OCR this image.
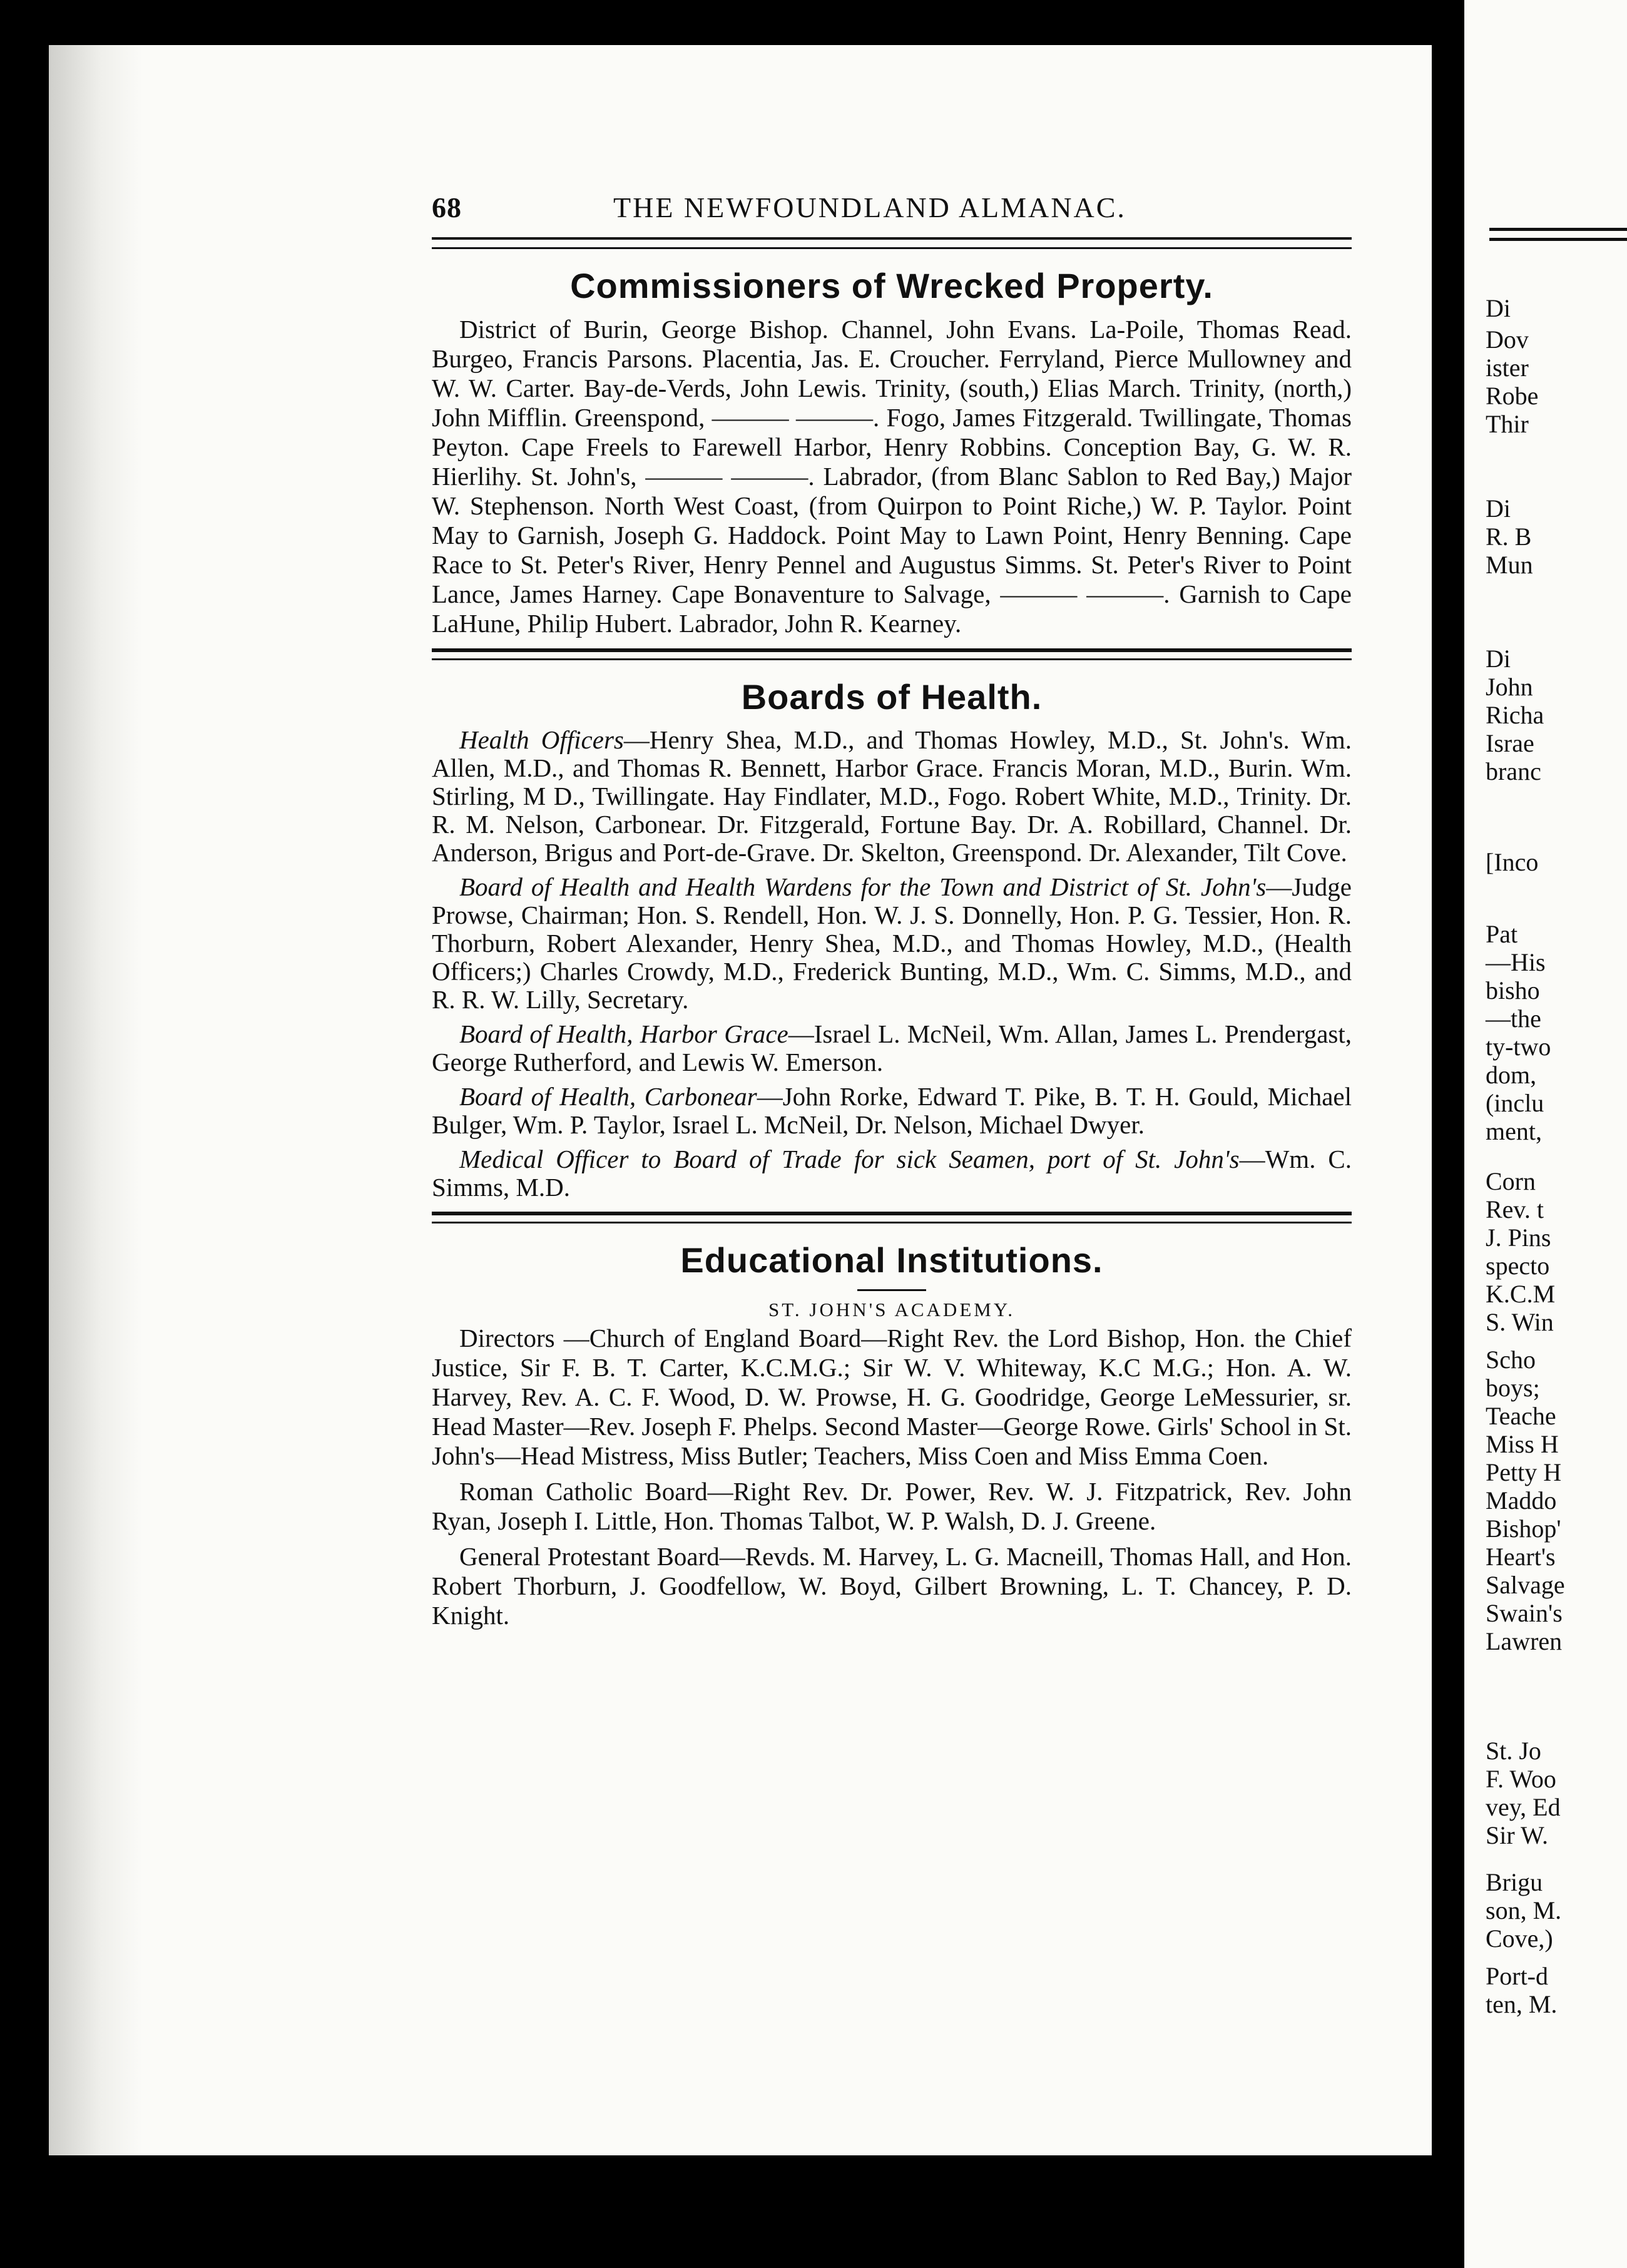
Di
Dov
ister
Robe
Thir
Di
R. B
Mun
Di
John
Richa
Israe
branc
[Inco
Pat
—His
bisho
—the
ty-two
dom,
(inclu
ment,
Corn
Rev. t
J. Pins
specto
K.C.M
S. Win
Scho
boys;
Teache
Miss H
Petty H
Maddo
Bishop'
Heart's
Salvage
Swain's
Lawren
St. Jo
F. Woo
vey, Ed
Sir W.
Brigu
son, M.
Cove,)
Port-d
ten, M.
68	THE NEWFOUNDLAND ALMANAC.
Commissioners of Wrecked Property.

District of Burin, George Bishop. Channel, John Evans. La-Poile, Thomas Read. Burgeo, Francis Parsons. Placentia, Jas. E. Croucher. Ferryland, Pierce Mullowney and W. W. Carter. Bay-de-Verds, John Lewis. Trinity, (south,) Elias March. Trinity, (north,) John Mifflin. Greenspond, ——— ———. Fogo, James Fitzgerald. Twillingate, Thomas Peyton. Cape Freels to Farewell Harbor, Henry Robbins. Conception Bay, G. W. R. Hierlihy. St. John's, ——— ———. Labrador, (from Blanc Sablon to Red Bay,) Major W. Stephenson. North West Coast, (from Quirpon to Point Riche,) W. P. Taylor. Point May to Garnish, Joseph G. Haddock. Point May to Lawn Point, Henry Benning. Cape Race to St. Peter's River, Henry Pennel and Augustus Simms. St. Peter's River to Point Lance, James Harney. Cape Bonaventure to Salvage, ——— ———. Garnish to Cape LaHune, Philip Hubert. Labrador, John R. Kearney.

Boards of Health.

Health Officers—Henry Shea, M.D., and Thomas Howley, M.D., St. John's. Wm. Allen, M.D., and Thomas R. Bennett, Harbor Grace. Francis Moran, M.D., Burin. Wm. Stirling, M D., Twillingate. Hay Findlater, M.D., Fogo. Robert White, M.D., Trinity. Dr. R. M. Nelson, Carbonear. Dr. Fitzgerald, Fortune Bay. Dr. A. Robillard, Channel. Dr. Anderson, Brigus and Port-de-Grave. Dr. Skelton, Greenspond. Dr. Alexander, Tilt Cove.

Board of Health and Health Wardens for the Town and District of St. John's—Judge Prowse, Chairman; Hon. S. Rendell, Hon. W. J. S. Donnelly, Hon. P. G. Tessier, Hon. R. Thorburn, Robert Alexander, Henry Shea, M.D., and Thomas Howley, M.D., (Health Officers;) Charles Crowdy, M.D., Frederick Bunting, M.D., Wm. C. Simms, M.D., and R. R. W. Lilly, Secretary.

Board of Health, Harbor Grace—Israel L. McNeil, Wm. Allan, James L. Prendergast, George Rutherford, and Lewis W. Emerson.

Board of Health, Carbonear—John Rorke, Edward T. Pike, B. T. H. Gould, Michael Bulger, Wm. P. Taylor, Israel L. McNeil, Dr. Nelson, Michael Dwyer.

Medical Officer to Board of Trade for sick Seamen, port of St. John's—Wm. C. Simms, M.D.

Educational Institutions.
ST. JOHN'S ACADEMY.

Directors —Church of England Board—Right Rev. the Lord Bishop, Hon. the Chief Justice, Sir F. B. T. Carter, K.C.M.G.; Sir W. V. Whiteway, K.C M.G.; Hon. A. W. Harvey, Rev. A. C. F. Wood, D. W. Prowse, H. G. Goodridge, George LeMessurier, sr. Head Master—Rev. Joseph F. Phelps. Second Master—George Rowe. Girls' School in St. John's—Head Mistress, Miss Butler; Teachers, Miss Coen and Miss Emma Coen.

Roman Catholic Board—Right Rev. Dr. Power, Rev. W. J. Fitzpatrick, Rev. John Ryan, Joseph I. Little, Hon. Thomas Talbot, W. P. Walsh, D. J. Greene.

General Protestant Board—Revds. M. Harvey, L. G. Macneill, Thomas Hall, and Hon. Robert Thorburn, J. Goodfellow, W. Boyd, Gilbert Browning, L. T. Chancey, P. D. Knight.
